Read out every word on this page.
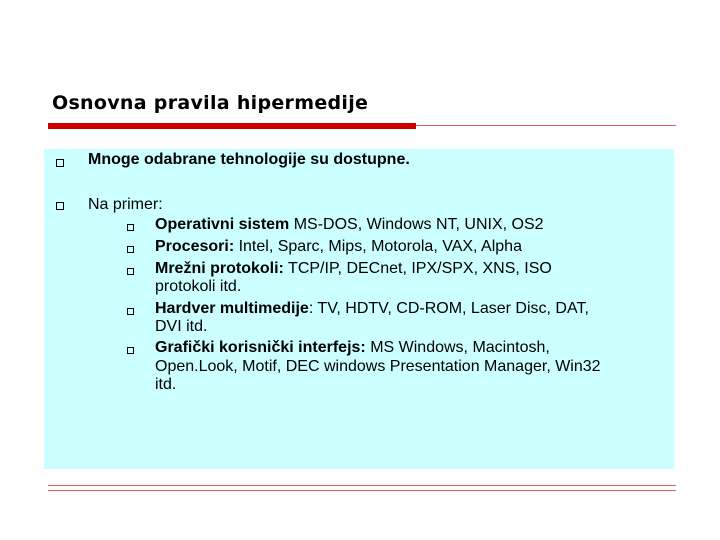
Osnovna pravila hipermedije
Mnoge odabrane tehnologije su dostupne.
Na primer:
Operativni sistem MS-DOS, Windows NT, UNIX, OS2
Procesori: Intel, Sparc, Mips, Motorola, VAX, Alpha
Mrežni protokoli: TCP/IP, DECnet, IPX/SPX, XNS, ISO
protokoli itd.
Hardver multimedije: TV, HDTV, CD-ROM, Laser Disc, DAT,
DVI itd.
Grafički korisnički interfejs: MS Windows, Macintosh,
Open.Look, Motif, DEC windows Presentation Manager, Win32
itd.
